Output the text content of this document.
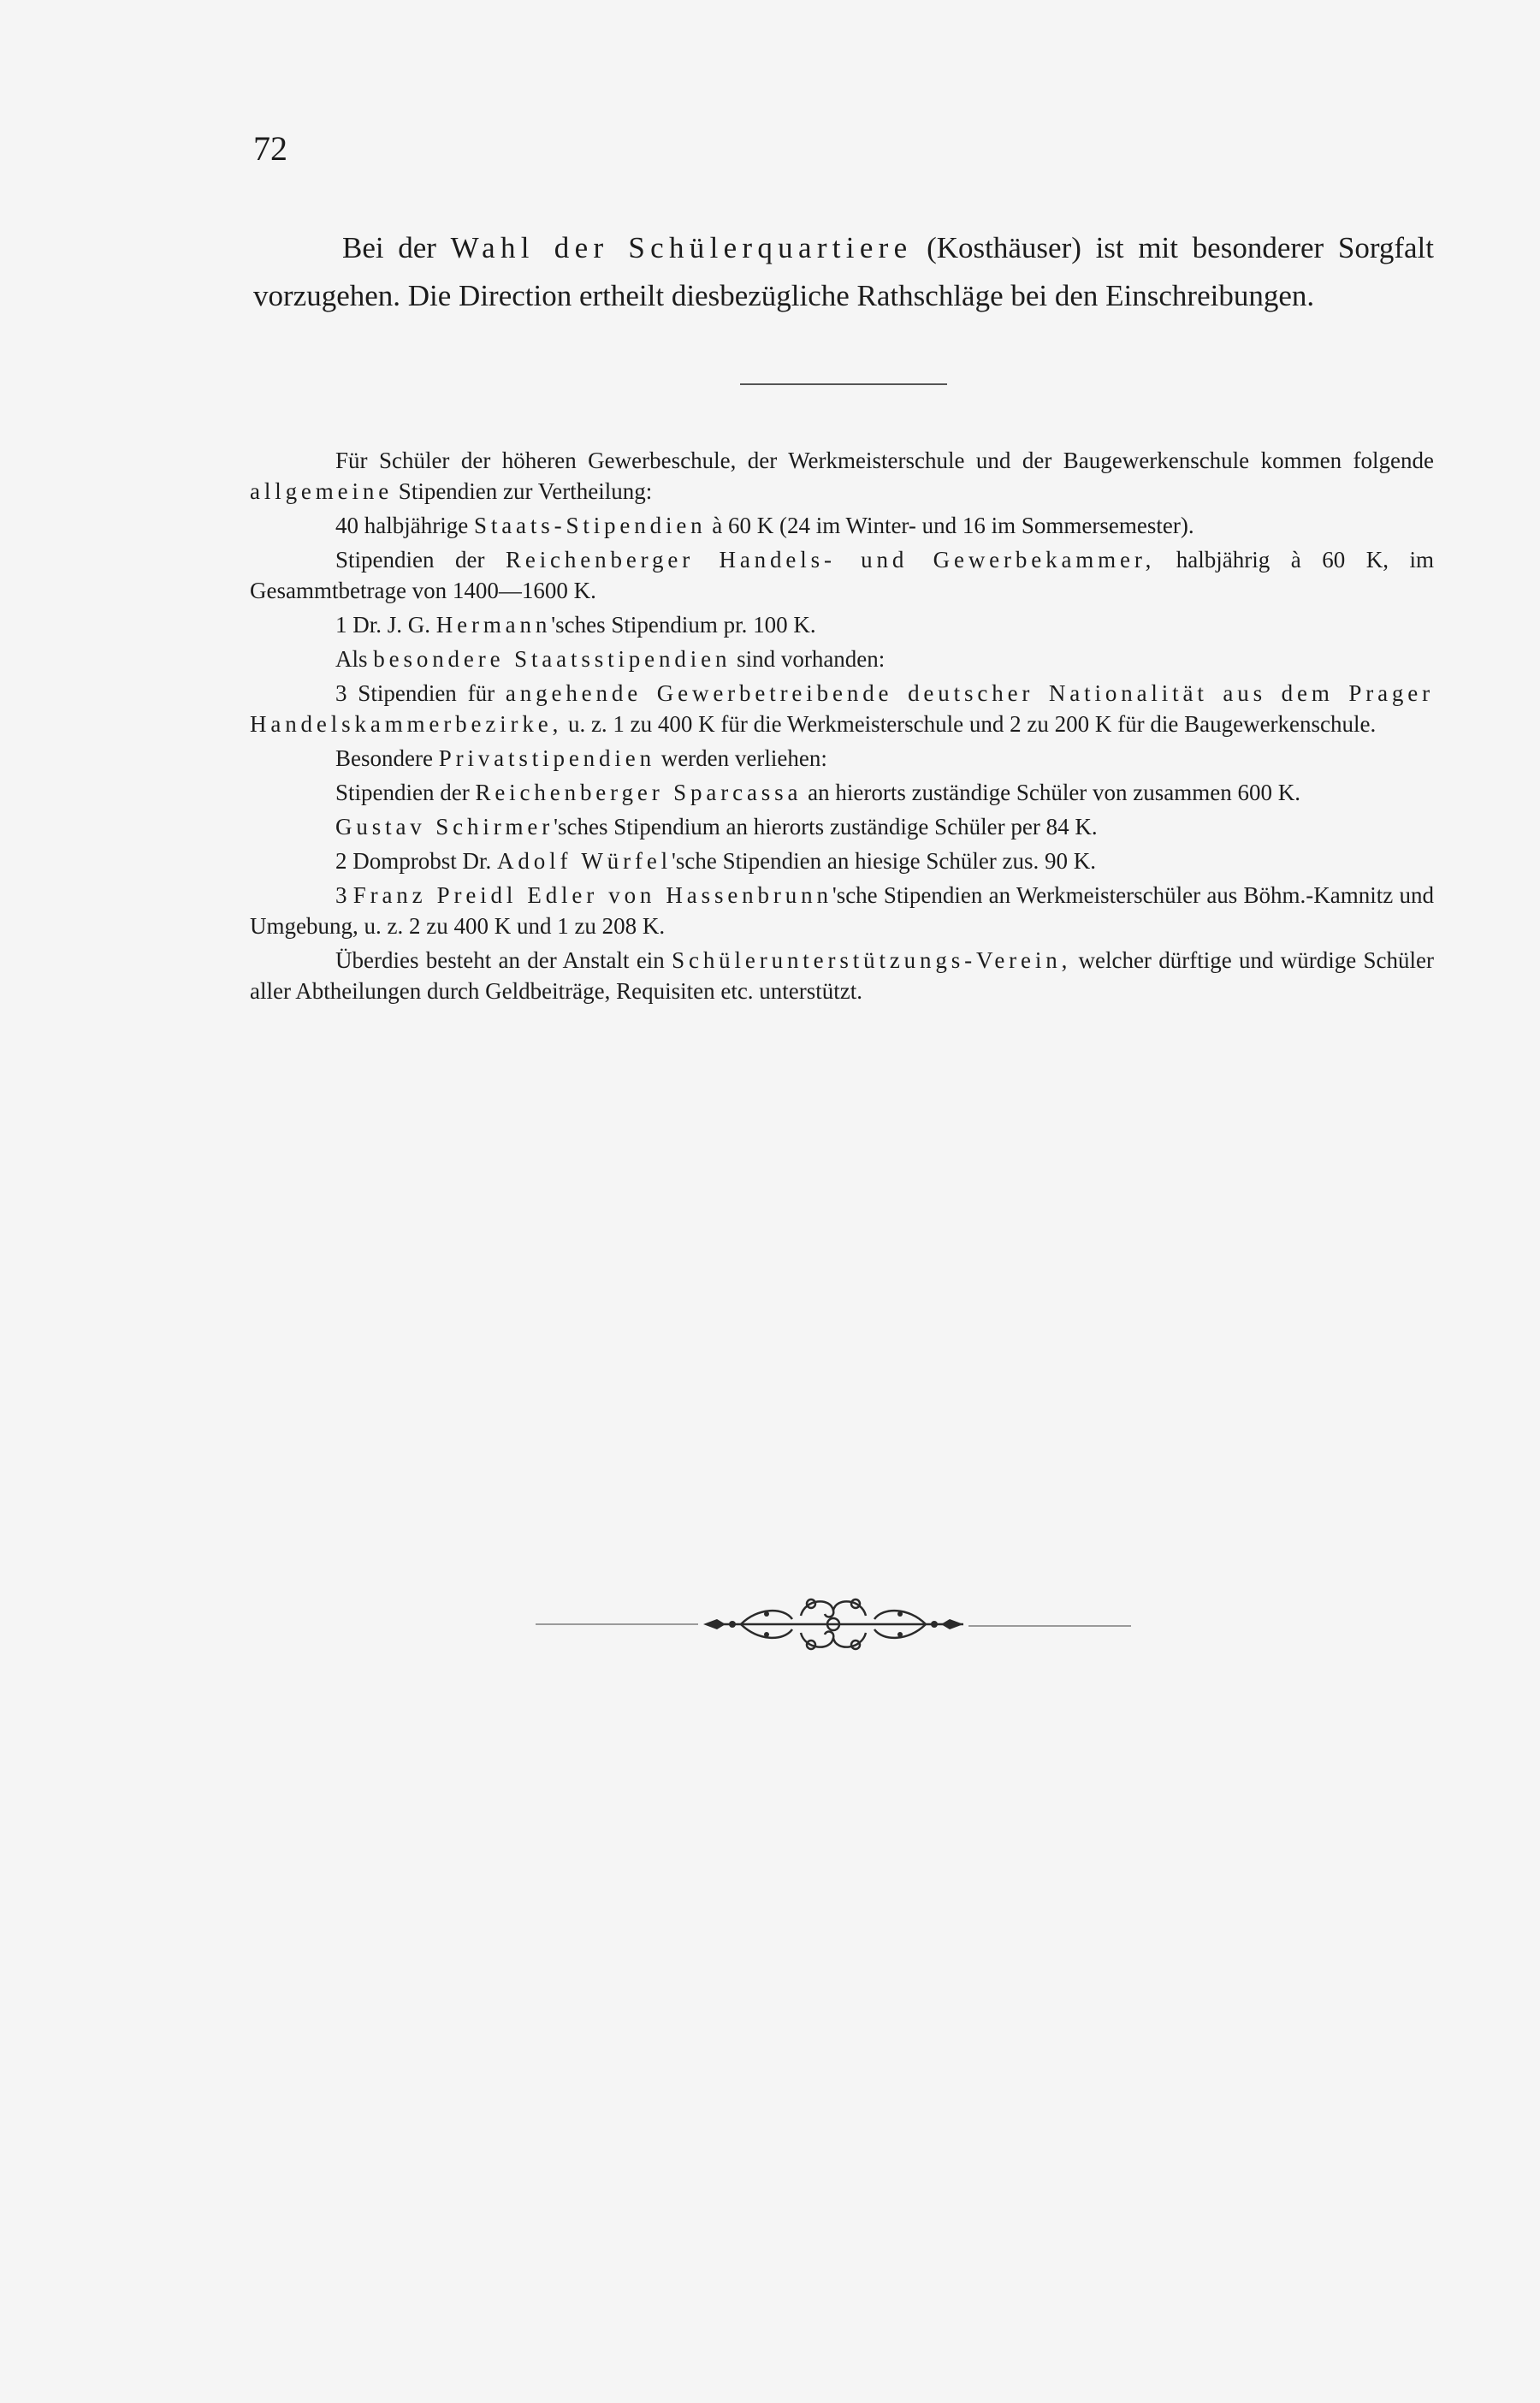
72

Bei der Wahl der Schülerquartiere (Kosthäuser) ist mit besonderer Sorgfalt vorzugehen. Die Direction ertheilt diesbezügliche Rathschläge bei den Einschreibungen.

Für Schüler der höheren Gewerbeschule, der Werkmeisterschule und der Baugewerkenschule kommen folgende allgemeine Stipendien zur Vertheilung:

40 halbjährige Staats-Stipendien à 60 K (24 im Winter- und 16 im Sommersemester).

Stipendien der Reichenberger Handels- und Gewerbekammer, halbjährig à 60 K, im Gesammtbetrage von 1400—1600 K.

1 Dr. J. G. Hermann'sches Stipendium pr. 100 K.

Als besondere Staatsstipendien sind vorhanden:

3 Stipendien für angehende Gewerbetreibende deutscher Nationalität aus dem Prager Handelskammerbezirke, u. z. 1 zu 400 K für die Werkmeisterschule und 2 zu 200 K für die Baugewerkenschule.

Besondere Privatstipendien werden verliehen:

Stipendien der Reichenberger Sparcassa an hierorts zuständige Schüler von zusammen 600 K.

Gustav Schirmer'sches Stipendium an hierorts zuständige Schüler per 84 K.

2 Domprobst Dr. Adolf Würfel'sche Stipendien an hiesige Schüler zus. 90 K.

3 Franz Preidl Edler von Hassenbrunn'sche Stipendien an Werkmeisterschüler aus Böhm.-Kamnitz und Umgebung, u. z. 2 zu 400 K und 1 zu 208 K.

Überdies besteht an der Anstalt ein Schülerunterstützungs-Verein, welcher dürftige und würdige Schüler aller Abtheilungen durch Geldbeiträge, Requisiten etc. unterstützt.
